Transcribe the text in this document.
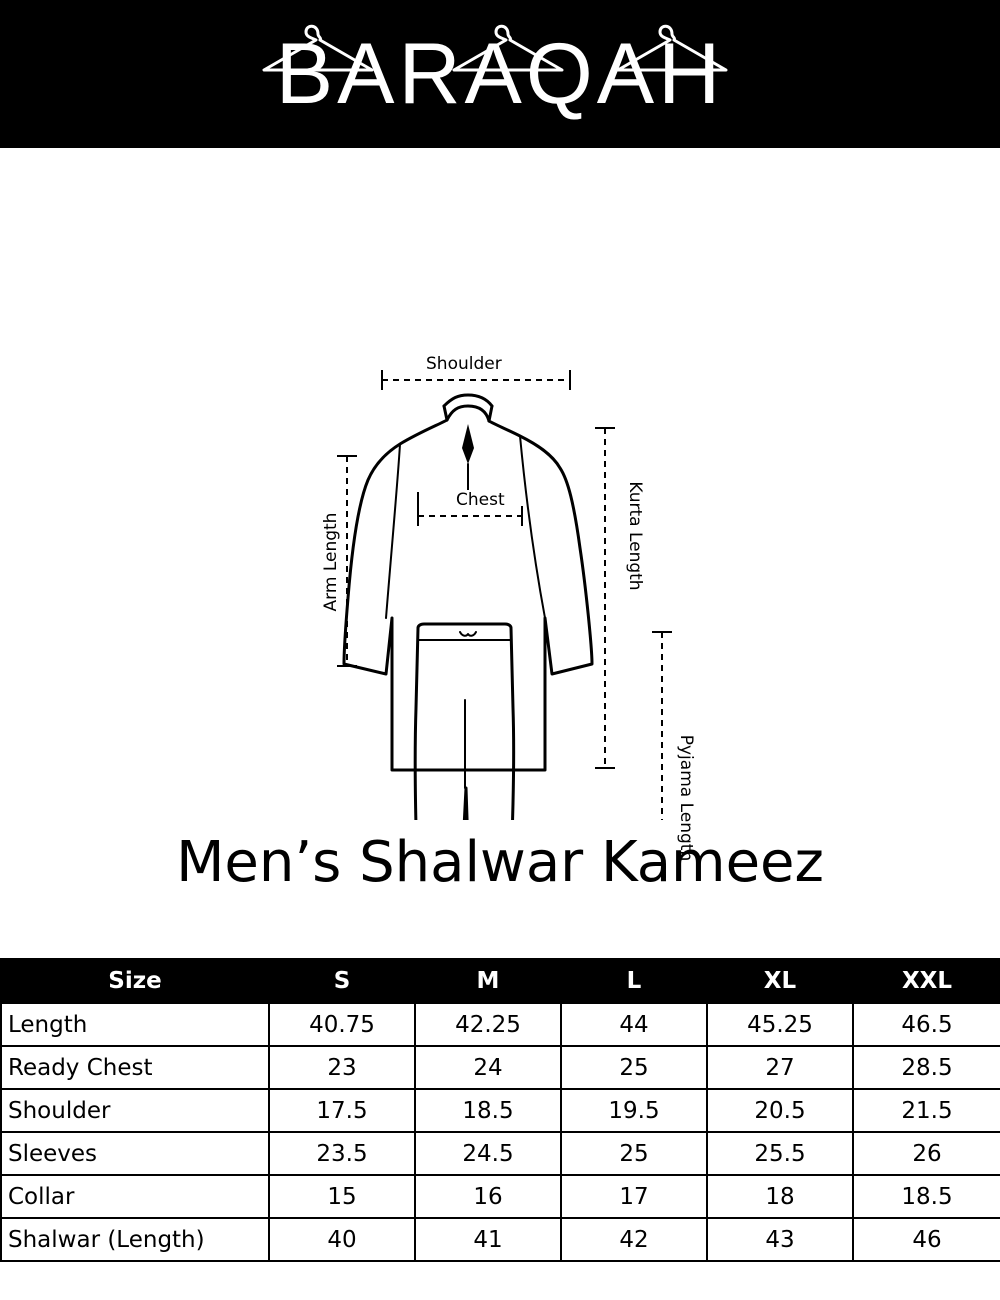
BARAQAH
Shoulder
Chest
Arm Length	Kurta Length
Pyjama Length
Men’s Shalwar Kameez
Size	S	M	L	XL	XXL
Length	40.75	42.25	44	45.25	46.5
Ready Chest	23	24	25	27	28.5
Shoulder	17.5	18.5	19.5	20.5	21.5
Sleeves	23.5	24.5	25	25.5	26
Collar	15	16	17	18	18.5
Shalwar (Length)	40	41	42	43	46
